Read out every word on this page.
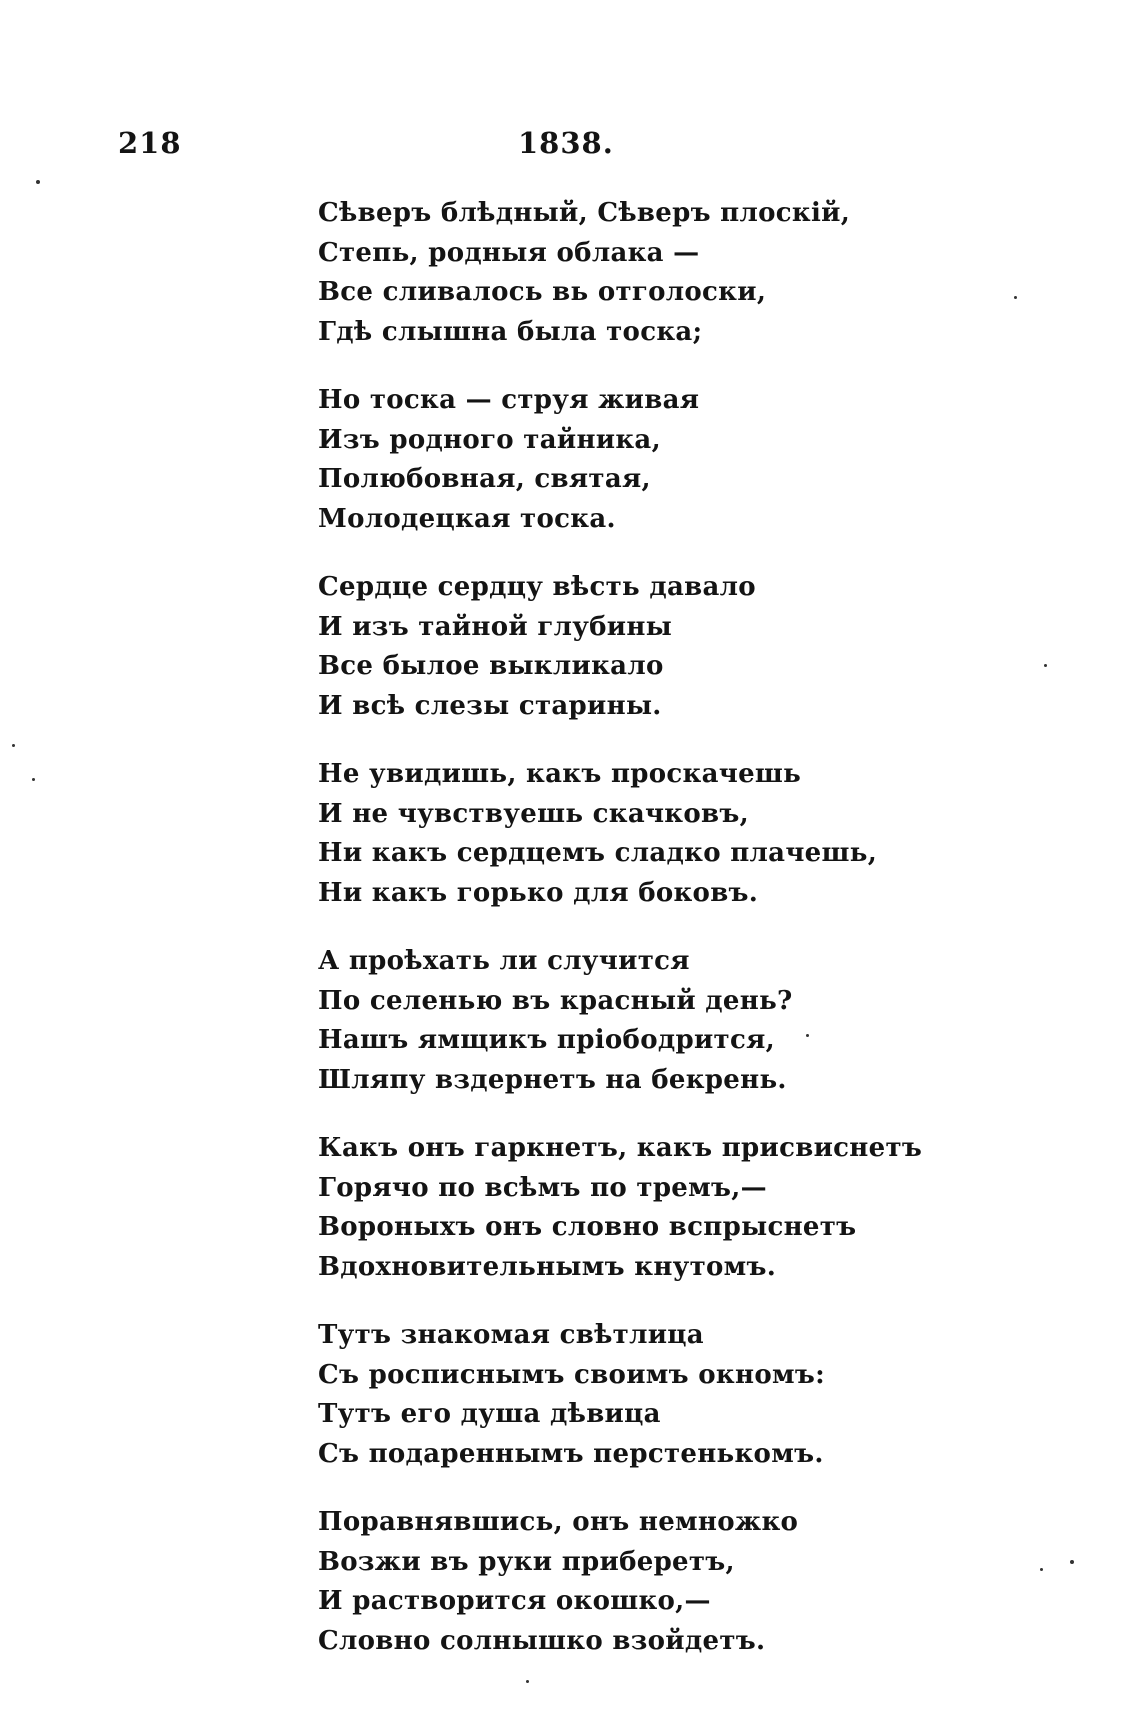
218	1838.
Сѣверъ блѣдный, Сѣверъ плоскій,
Степь, родныя облака —
Все сливалось вь отголоски,
Гдѣ слышна была тоска;
Но тоска — струя живая
Изъ родного тайника,
Полюбовная, святая,
Молодецкая тоска.
Сердце сердцу вѣсть давало
И изъ тайной глубины
Все былое выкликало
И всѣ слезы старины.
Не увидишь, какъ проскачешь
И не чувствуешь скачковъ,
Ни какъ сердцемъ сладко плачешь,
Ни какъ горько для боковъ.
А проѣхать ли случится
По селенью въ красный день?
Нашъ ямщикъ пріободрится,
Шляпу вздернетъ на бекрень.
Какъ онъ гаркнетъ, какъ присвиснетъ
Горячо по всѣмъ по тремъ,—
Вороныхъ онъ словно вспрыснетъ
Вдохновительнымъ кнутомъ.
Тутъ знакомая свѣтлица
Съ росписнымъ своимъ окномъ:
Тутъ его душа дѣвица
Съ подареннымъ перстенькомъ.
Поравнявшись, онъ немножко
Возжи въ руки приберетъ,
И растворится окошко,—
Словно солнышко взойдетъ.
